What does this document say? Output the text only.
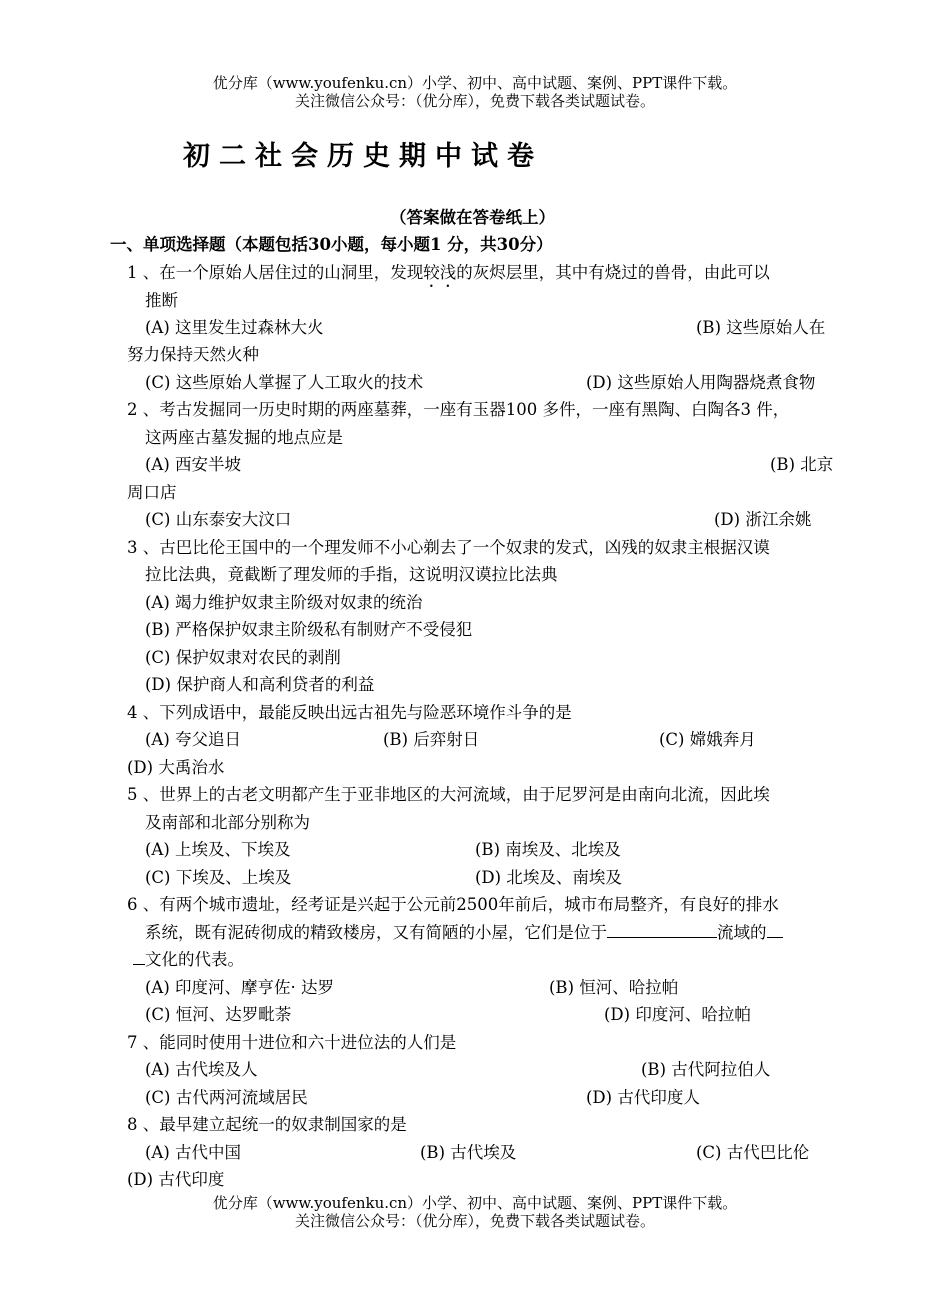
优分库（www.youfenku.cn）小学、初中、高中试题、案例、PPT课件下载。
关注微信公众号：（优分库），免费下载各类试题试卷。
初二社会历史期中试卷
（答案做在答卷纸上）
一、单项选择题（本题包括30小题，每小题1 分，共30分）
1 、在一个原始人居住过的山洞里，发现较浅的灰烬层里，其中有烧过的兽骨，由此可以
推断
(A) 这里发生过森林大火	(B) 这些原始人在
努力保持天然火种
(C) 这些原始人掌握了人工取火的技术	(D) 这些原始人用陶器烧煮食物
2 、考古发掘同一历史时期的两座墓葬，一座有玉器100 多件，一座有黑陶、白陶各3 件，
这两座古墓发掘的地点应是
(A) 西安半坡	(B) 北京
周口店
(C) 山东泰安大汶口	(D) 浙江余姚
3 、古巴比伦王国中的一个理发师不小心剃去了一个奴隶的发式，凶残的奴隶主根据汉谟
拉比法典，竟截断了理发师的手指，这说明汉谟拉比法典
(A) 竭力维护奴隶主阶级对奴隶的统治
(B) 严格保护奴隶主阶级私有制财产不受侵犯
(C) 保护奴隶对农民的剥削
(D) 保护商人和高利贷者的利益
4 、下列成语中，最能反映出远古祖先与险恶环境作斗争的是
(A) 夸父追日	(B) 后弈射日	(C) 嫦娥奔月
(D) 大禹治水
5 、世界上的古老文明都产生于亚非地区的大河流域，由于尼罗河是由南向北流，因此埃
及南部和北部分别称为
(A) 上埃及、下埃及	(B) 南埃及、北埃及
(C) 下埃及、上埃及	(D) 北埃及、南埃及
6 、有两个城市遗址，经考证是兴起于公元前2500年前后，城市布局整齐，有良好的排水
系统，既有泥砖彻成的精致楼房，又有简陋的小屋，它们是位于	流域的
文化的代表。
(A) 印度河、摩亨佐· 达罗	(B) 恒河、哈拉帕
(C) 恒河、达罗毗荼	(D) 印度河、哈拉帕
7 、能同时使用十进位和六十进位法的人们是
(A) 古代埃及人	(B) 古代阿拉伯人
(C) 古代两河流域居民	(D) 古代印度人
8 、最早建立起统一的奴隶制国家的是
(A) 古代中国	(B) 古代埃及	(C) 古代巴比伦
(D) 古代印度
优分库（www.youfenku.cn）小学、初中、高中试题、案例、PPT课件下载。
关注微信公众号：（优分库），免费下载各类试题试卷。
